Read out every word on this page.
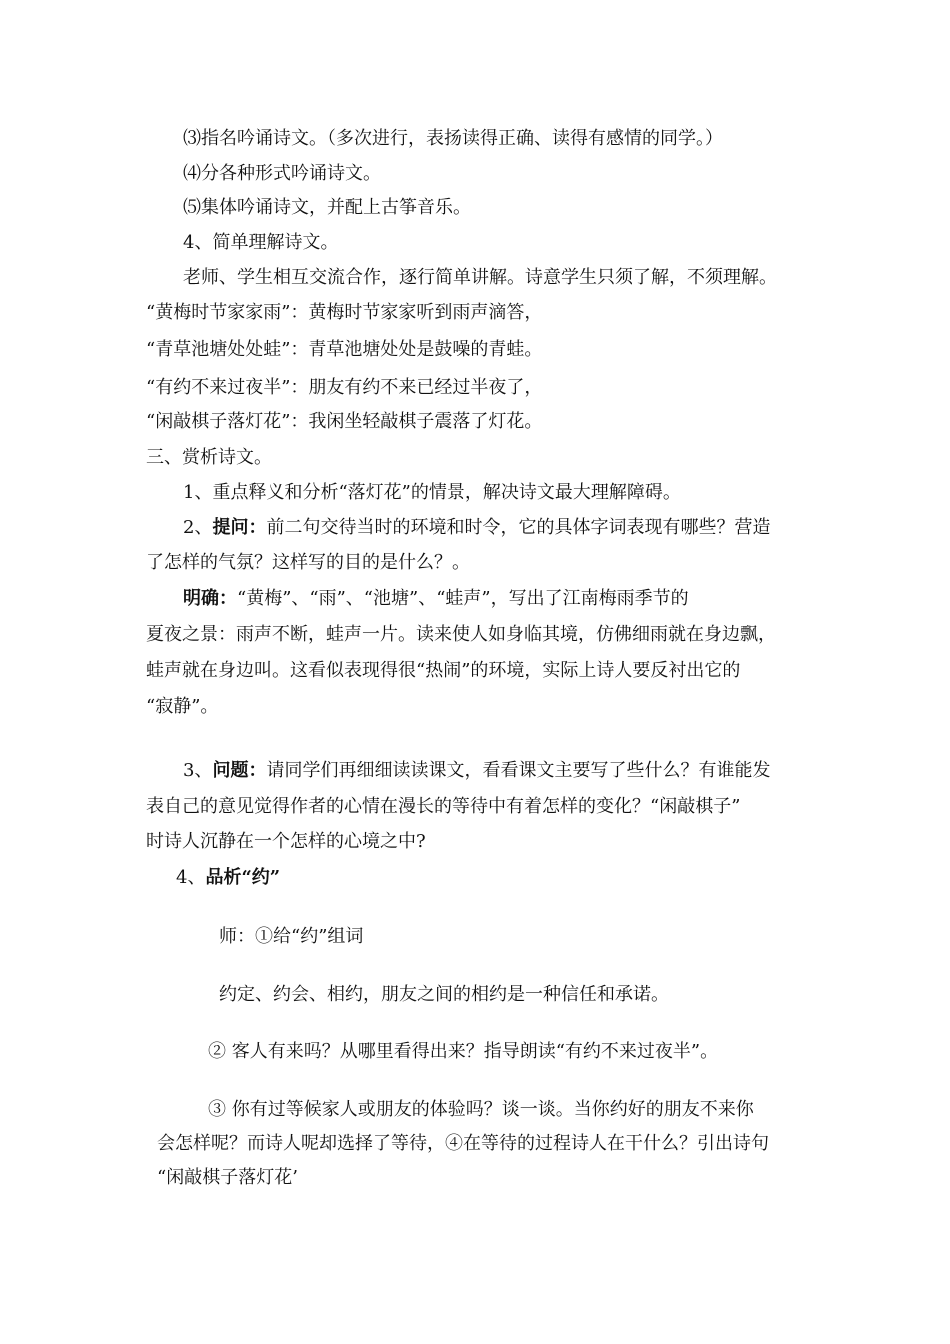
⑶指名吟诵诗文。（多次进行，表扬读得正确、读得有感情的同学。）

⑷分各种形式吟诵诗文。

⑸集体吟诵诗文，并配上古筝音乐。

4、简单理解诗文。

老师、学生相互交流合作，逐行简单讲解。诗意学生只须了解，不须理解。

“黄梅时节家家雨”：黄梅时节家家听到雨声滴答，

“青草池塘处处蛙”：青草池塘处处是鼓噪的青蛙。

“有约不来过夜半”：朋友有约不来已经过半夜了，

“闲敲棋子落灯花”：我闲坐轻敲棋子震落了灯花。

三、赏析诗文。

1、重点释义和分析“落灯花”的情景，解决诗文最大理解障碍。

2、提问：前二句交待当时的环境和时令，它的具体字词表现有哪些？营造

了怎样的气氛？这样写的目的是什么？。

明确：“黄梅”、“雨”、“池塘”、“蛙声”，写出了江南梅雨季节的

夏夜之景：雨声不断，蛙声一片。读来使人如身临其境，仿佛细雨就在身边飘，

蛙声就在身边叫。这看似表现得很“热闹”的环境，实际上诗人要反衬出它的

“寂静”。

3、问题：请同学们再细细读读课文，看看课文主要写了些什么？有谁能发

表自己的意见觉得作者的心情在漫长的等待中有着怎样的变化？“闲敲棋子”

时诗人沉静在一个怎样的心境之中?

4、品析“约”

师：①给“约”组词

约定、约会、相约，朋友之间的相约是一种信任和承诺。

② 客人有来吗？从哪里看得出来？指导朗读“有约不来过夜半”。

③ 你有过等候家人或朋友的体验吗？谈一谈。当你约好的朋友不来你

会怎样呢？而诗人呢却选择了等待，④在等待的过程诗人在干什么？引出诗句

“闲敲棋子落灯花’
